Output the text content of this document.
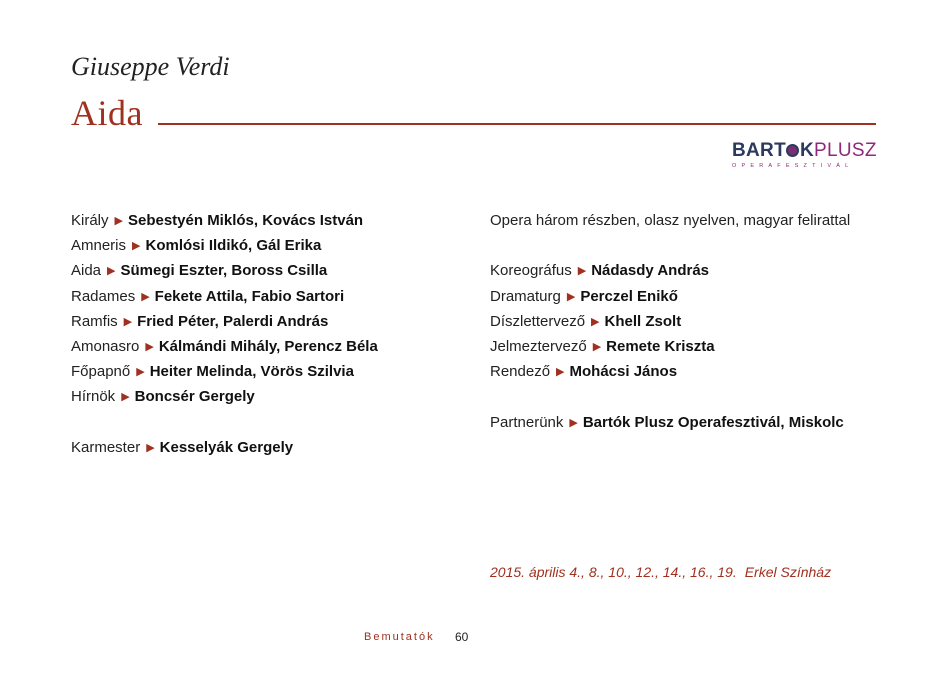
Giuseppe Verdi
Aida
BART KPLUSZ
OPERAFESZTIVÁL
Király ▶ Sebestyén Miklós, Kovács István
Amneris ▶ Komlósi Ildikó, Gál Erika
Aida ▶ Sümegi Eszter, Boross Csilla
Radames ▶ Fekete Attila, Fabio Sartori
Ramfis ▶ Fried Péter, Palerdi András
Amonasro ▶ Kálmándi Mihály, Perencz Béla
Főpapnő ▶ Heiter Melinda, Vörös Szilvia
Hírnök ▶ Boncsér Gergely
Karmester ▶ Kesselyák Gergely
Opera három részben, olasz nyelven, magyar felirattal
Koreográfus ▶ Nádasdy András
Dramaturg ▶ Perczel Enikő
Díszlettervező ▶ Khell Zsolt
Jelmeztervező ▶ Remete Kriszta
Rendező ▶ Mohácsi János
Partnerünk ▶ Bartók Plusz Operafesztivál, Miskolc
2015. április 4., 8., 10., 12., 14., 16., 19. Erkel Színház
Bemutatók 60
